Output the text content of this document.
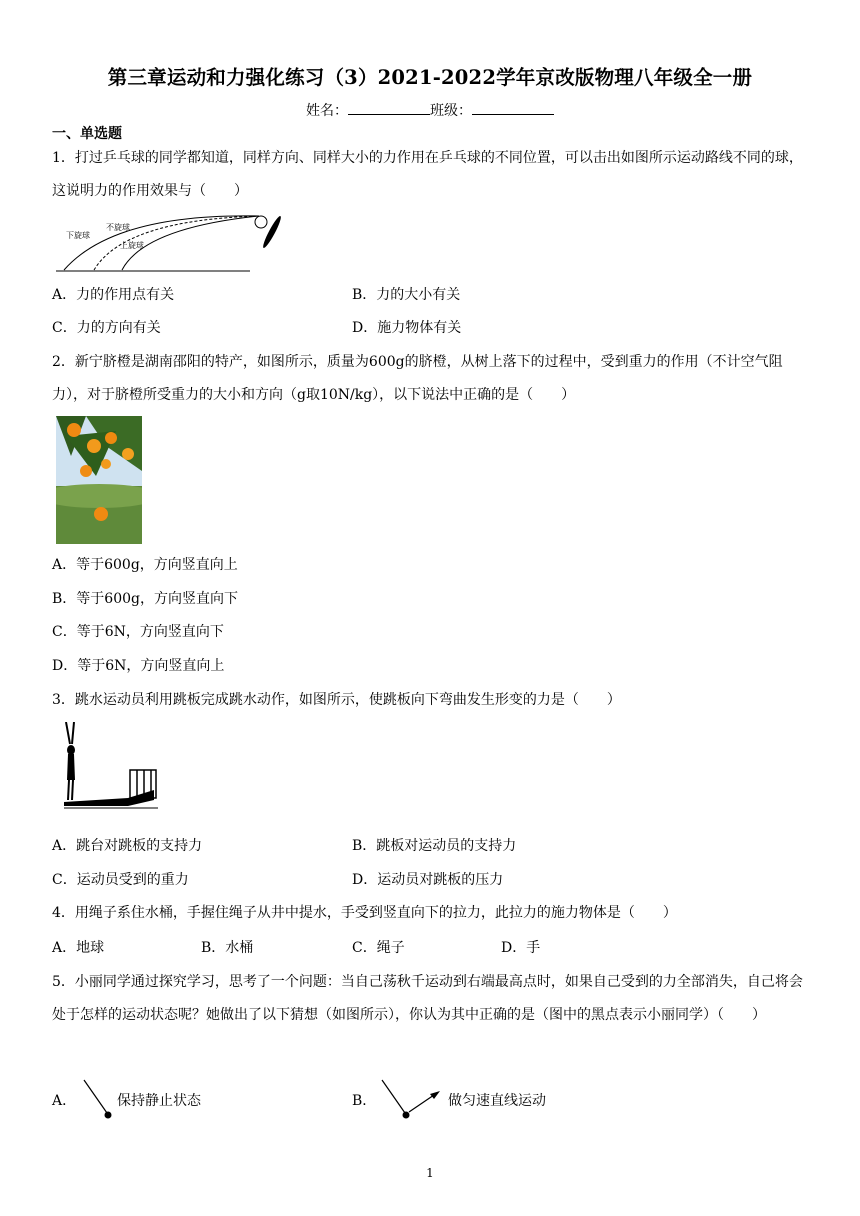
第三章运动和力强化练习（3）2021-2022学年京改版物理八年级全一册
姓名：	班级：
一、单选题
1．打过乒乓球的同学都知道，同样方向、同样大小的力作用在乒乓球的不同位置，可以击出如图所示运动路线不同的球，这说明力的作用效果与（　　）
下旋球
不旋球
上旋球
A．力的作用点有关	B．力的大小有关
C．力的方向有关	D．施力物体有关
2．新宁脐橙是湖南邵阳的特产，如图所示，质量为600g的脐橙，从树上落下的过程中，受到重力的作用（不计空气阻力），对于脐橙所受重力的大小和方向（g取10N/kg），以下说法中正确的是（　　）
A．等于600g，方向竖直向上
B．等于600g，方向竖直向下
C．等于6N，方向竖直向下
D．等于6N，方向竖直向上
3．跳水运动员利用跳板完成跳水动作，如图所示，使跳板向下弯曲发生形变的力是（　　）
A．跳台对跳板的支持力	B．跳板对运动员的支持力
C．运动员受到的重力	D．运动员对跳板的压力
4．用绳子系住水桶，手握住绳子从井中提水，手受到竖直向下的拉力，此拉力的施力物体是（　　）
A．地球	B．水桶	C．绳子	D．手
5．小丽同学通过探究学习，思考了一个问题：当自己荡秋千运动到右端最高点时，如果自己受到的力全部消失，自己将会处于怎样的运动状态呢？她做出了以下猜想（如图所示），你认为其中正确的是（图中的黑点表示小丽同学）（　　）
A．	保持静止状态	B．	做匀速直线运动
1
